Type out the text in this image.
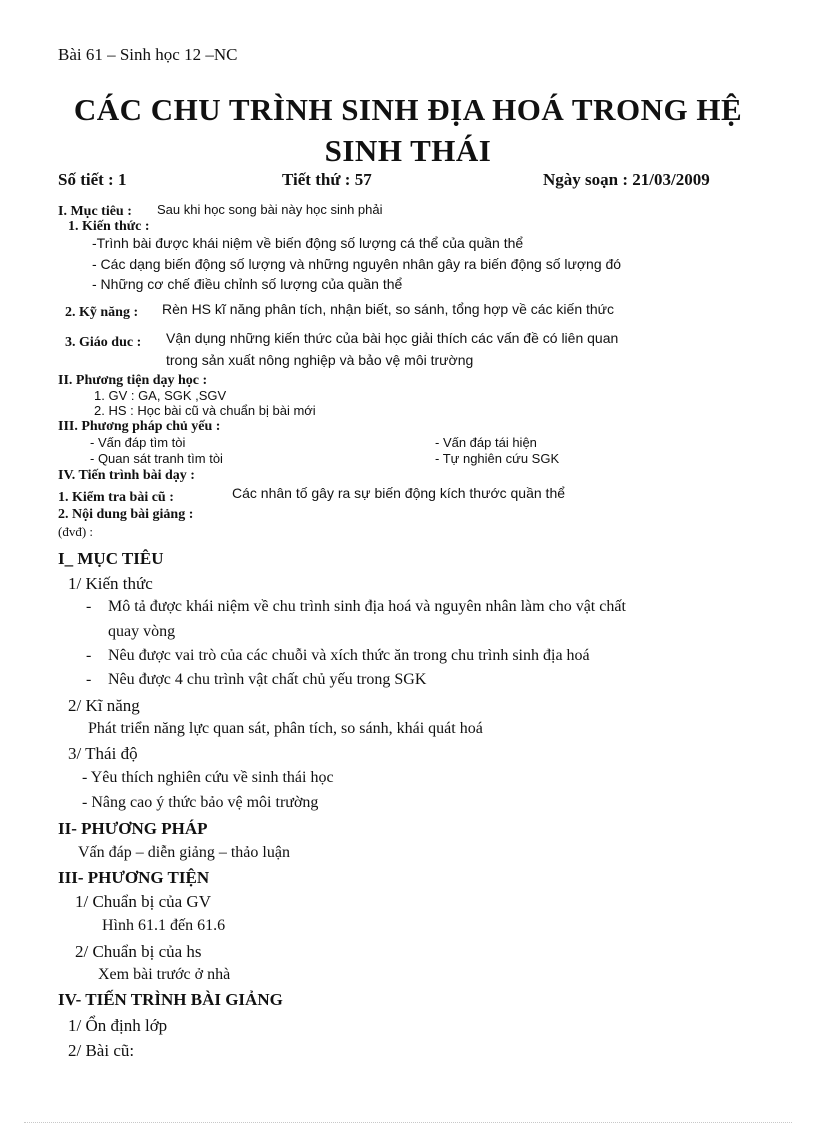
Bài 61 – Sinh học 12 –NC
CÁC CHU TRÌNH SINH ĐỊA HOÁ TRONG HỆ
SINH THÁI
Số tiết : 1	Tiết thứ : 57	Ngày soạn : 21/03/2009
I. Mục tiêu : Sau khi học song bài này học sinh phải
1. Kiến thức :
-Trình bài được khái niệm về biến động số lượng cá thể của quần thể
- Các dạng biến động số lượng và những nguyên nhân gây ra biến động số lượng đó
- Những cơ chế điều chỉnh số lượng của quần thể
2. Kỹ năng : Rèn HS kĩ năng phân tích, nhận biết, so sánh, tổng hợp về các kiến thức
3. Giáo duc : Vận dụng những kiến thức của bài học giải thích các vấn đề có liên quan
trong sản xuất nông nghiệp và bảo vệ môi trường
II. Phương tiện dạy học :
1. GV : GA, SGK ,SGV
2. HS : Học bài cũ và chuẩn bị bài mới
III. Phương pháp chủ yếu :
- Vấn đáp tìm tòi	- Vấn đáp tái hiện
- Quan sát tranh tìm tòi	- Tự nghiên cứu SGK
IV. Tiến trình bài dạy :
1. Kiểm tra bài cũ :	Các nhân tố gây ra sự biến động kích thước quần thể
2. Nội dung bài giảng :
(đvđ) :
I_ MỤC TIÊU
1/ Kiến thức
- Mô tả được khái niệm về chu trình sinh địa hoá và nguyên nhân làm cho vật chất
quay vòng
- Nêu được vai trò của các chuỗi và xích thức ăn trong chu trình sinh địa hoá
- Nêu được 4 chu trình vật chất chủ yếu trong SGK
2/ Kĩ năng
Phát triển năng lực quan sát, phân tích, so sánh, khái quát hoá
3/ Thái độ
- Yêu thích nghiên cứu về sinh thái học
- Nâng cao ý thức bảo vệ môi trường
II- PHƯƠNG PHÁP
Vấn đáp – diễn giảng – thảo luận
III- PHƯƠNG TIỆN
1/ Chuẩn bị của GV
Hình 61.1 đến 61.6
2/ Chuẩn bị của hs
Xem bài trước ở nhà
IV- TIẾN TRÌNH BÀI GIẢNG
1/ Ổn định lớp
2/ Bài cũ:
